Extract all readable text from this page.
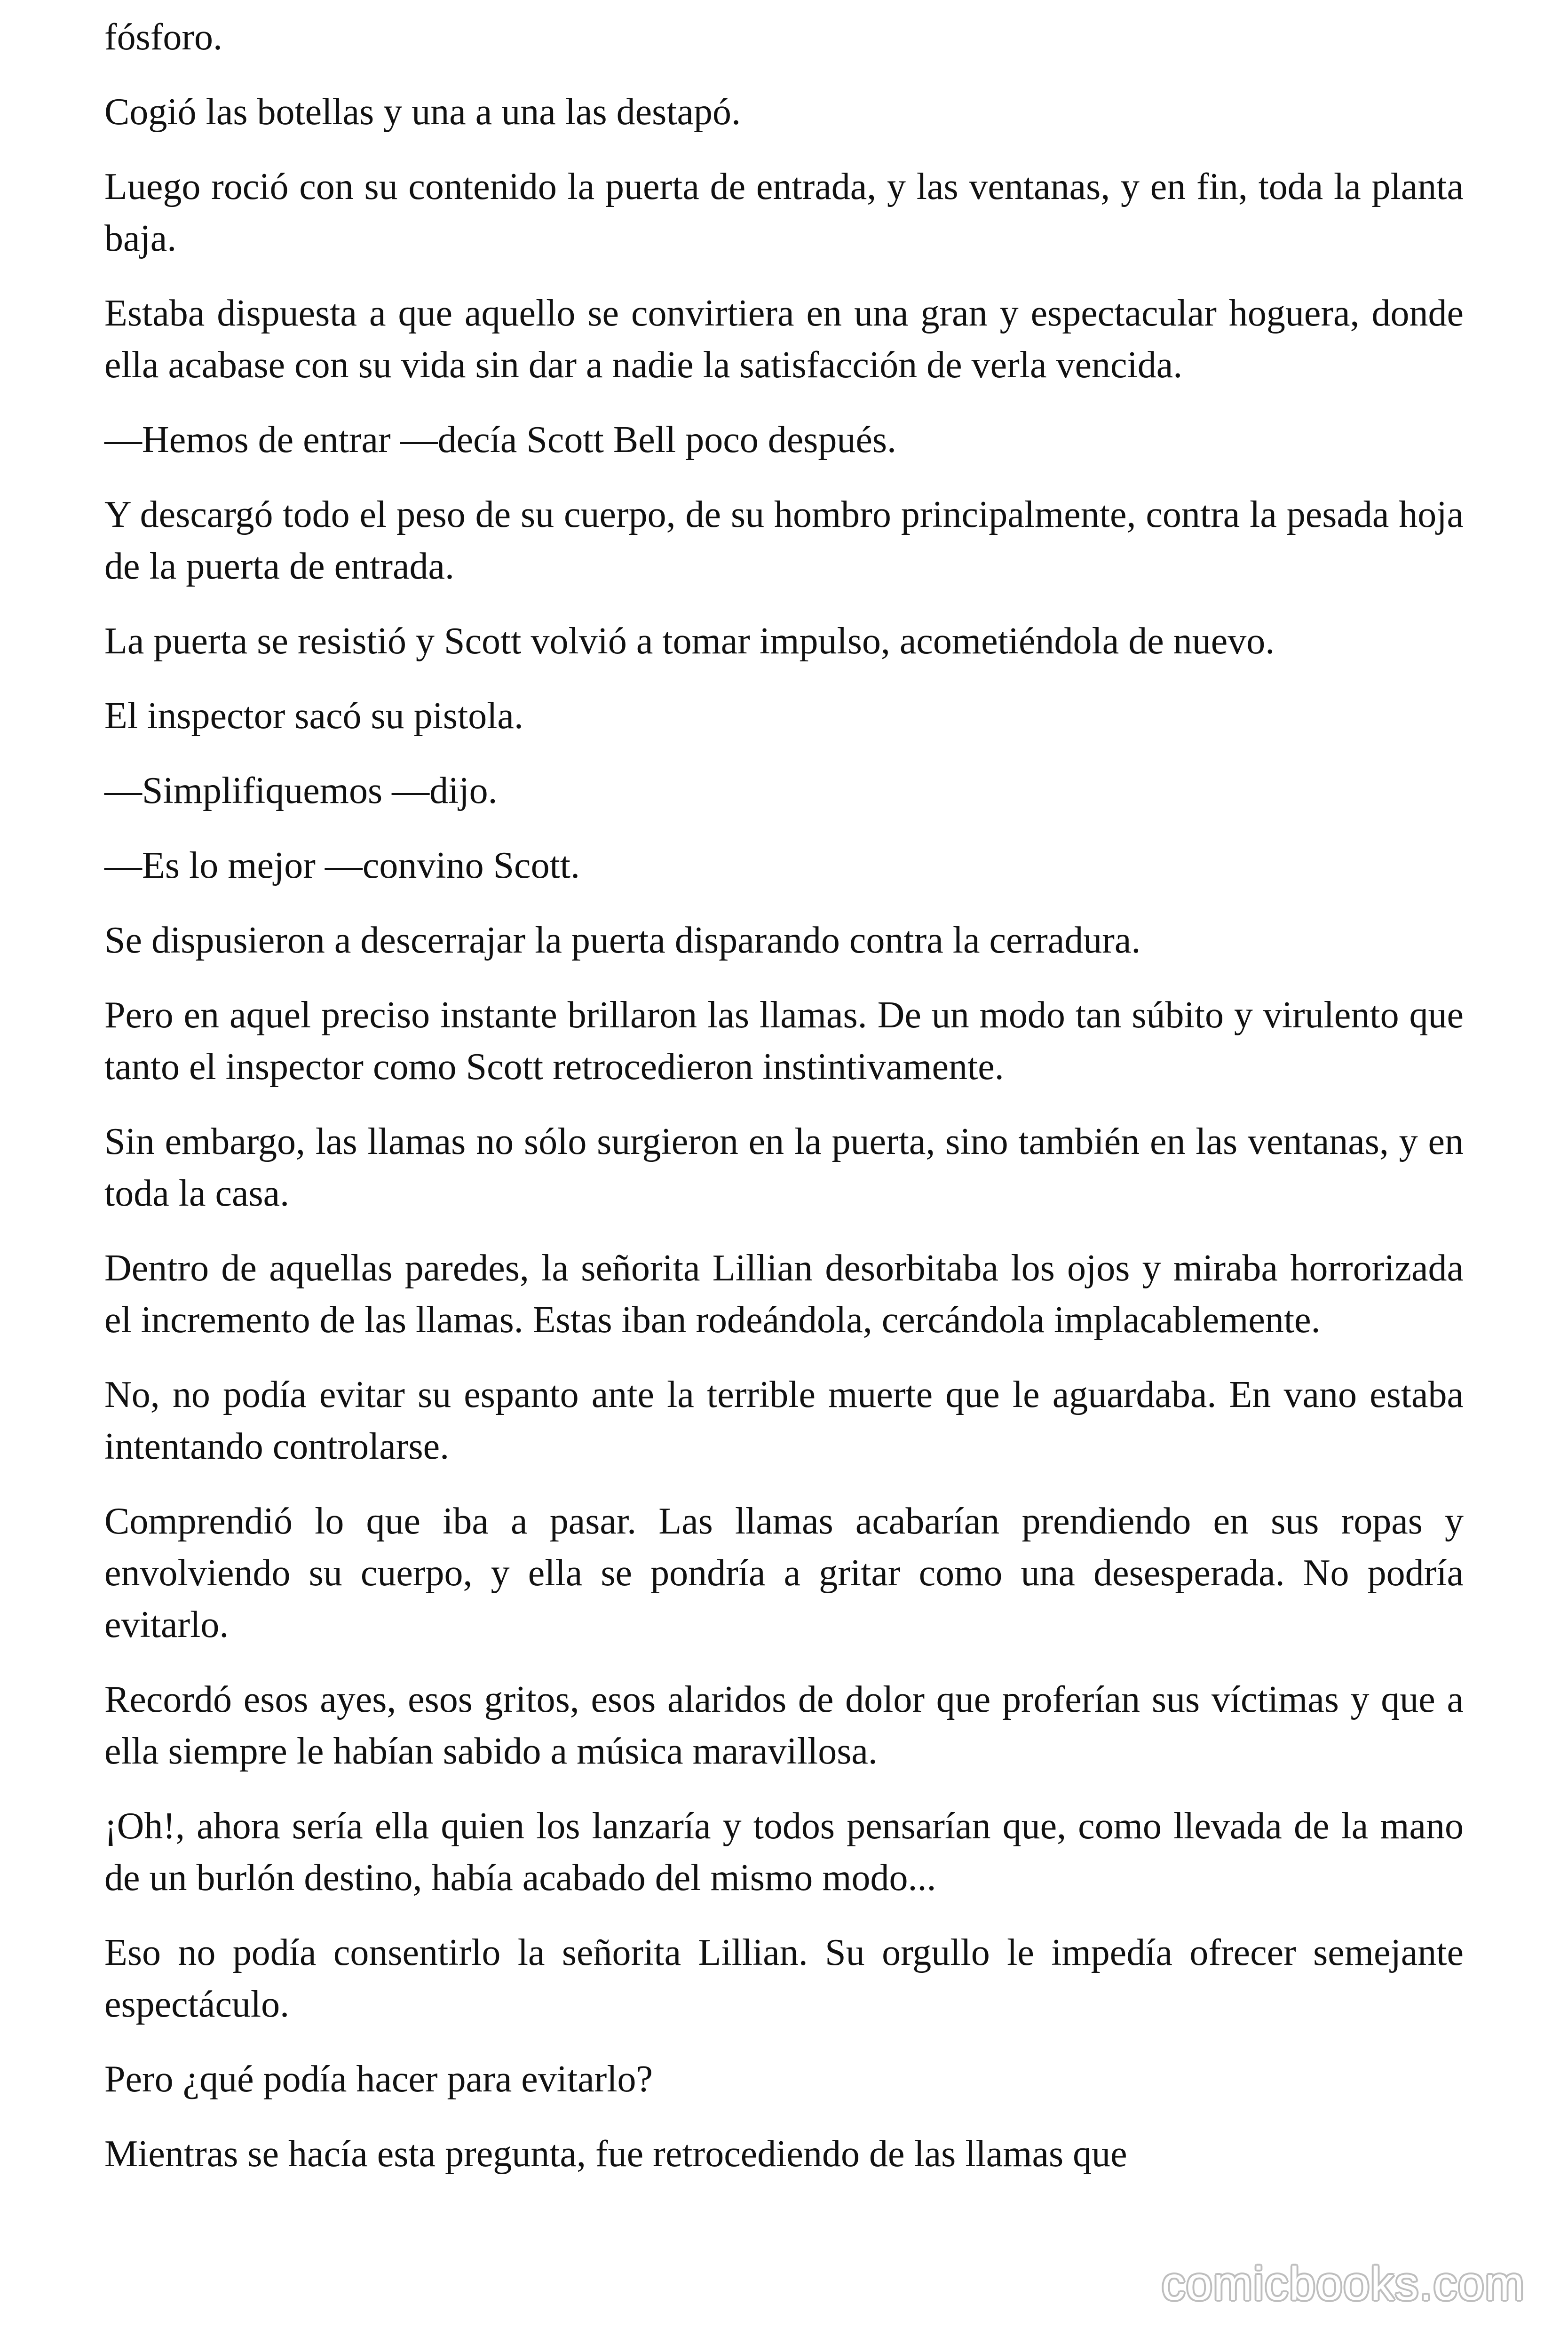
fósforo.

Cogió las botellas y una a una las destapó.

Luego roció con su contenido la puerta de entrada, y las ventanas, y en fin, toda la planta baja.

Estaba dispuesta a que aquello se convirtiera en una gran y espectacular hoguera, donde ella acabase con su vida sin dar a nadie la satisfacción de verla vencida.

—Hemos de entrar —decía Scott Bell poco después.

Y descargó todo el peso de su cuerpo, de su hombro principalmente, contra la pesada hoja de la puerta de entrada.

La puerta se resistió y Scott volvió a tomar impulso, acometiéndola de nuevo.

El inspector sacó su pistola.

—Simplifiquemos —dijo.

—Es lo mejor —convino Scott.

Se dispusieron a descerrajar la puerta disparando contra la cerradura.

Pero en aquel preciso instante brillaron las llamas. De un modo tan súbito y virulento que tanto el inspector como Scott retrocedieron instintivamente.

Sin embargo, las llamas no sólo surgieron en la puerta, sino también en las ventanas, y en toda la casa.

Dentro de aquellas paredes, la señorita Lillian desorbitaba los ojos y miraba horrorizada el incremento de las llamas. Estas iban rodeándola, cercándola implacablemente.

No, no podía evitar su espanto ante la terrible muerte que le aguardaba. En vano estaba intentando controlarse.

Comprendió lo que iba a pasar. Las llamas acabarían prendiendo en sus ropas y envolviendo su cuerpo, y ella se pondría a gritar como una desesperada. No podría evitarlo.

Recordó esos ayes, esos gritos, esos alaridos de dolor que proferían sus víctimas y que a ella siempre le habían sabido a música maravillosa.

¡Oh!, ahora sería ella quien los lanzaría y todos pensarían que, como llevada de la mano de un burlón destino, había acabado del mismo modo...

Eso no podía consentirlo la señorita Lillian. Su orgullo le impedía ofrecer semejante espectáculo.

Pero ¿qué podía hacer para evitarlo?

Mientras se hacía esta pregunta, fue retrocediendo de las llamas que

comicbooks.com
